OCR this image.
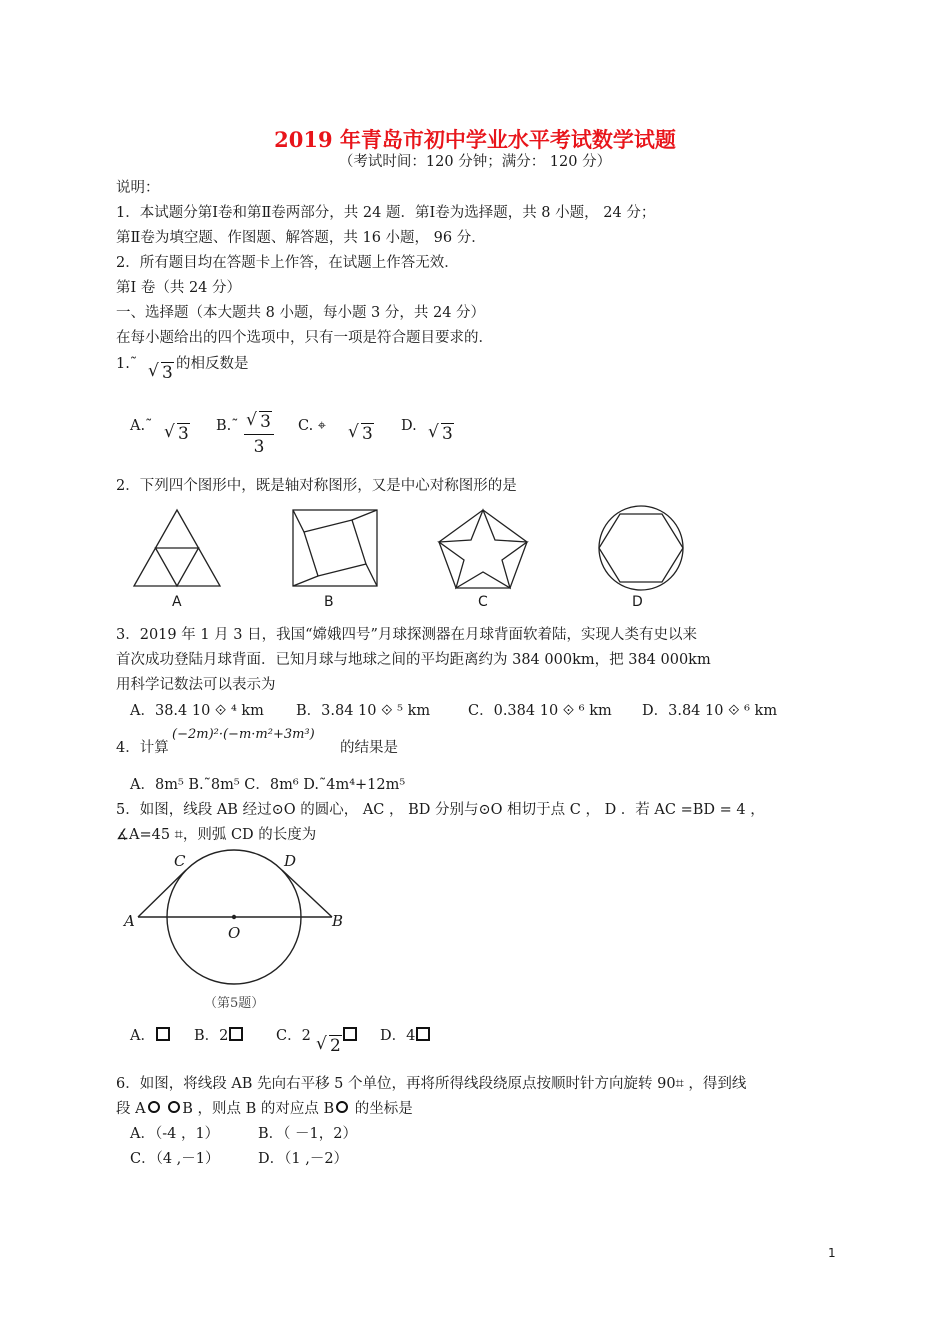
2019 年青岛市初中学业水平考试数学试题
（考试时间：120 分钟；满分： 120 分）
说明：
1．本试题分第Ⅰ卷和第Ⅱ卷两部分，共 24 题．第Ⅰ卷为选择题，共 8 小题， 24 分；
第Ⅱ卷为填空题、作图题、解答题，共 16 小题， 96 分．
2．所有题目均在答题卡上作答，在试题上作答无效．
第Ⅰ 卷（共 24 分）
一、选择题（本大题共 8 小题，每小题 3 分，共 24 分）
在每小题给出的四个选项中，只有一项是符合题目要求的．
1.˜ √ 3 的相反数是
A.˜ √ 3 B.˜ √ 3
3
C. ⌖ √ 3 D. √ 3
2．下列四个图形中，既是轴对称图形，又是中心对称图形的是
A	B	C	D
3．2019 年 1 月 3 日，我国“嫦娥四号”月球探测器在月球背面软着陆，实现人类有史以来
首次成功登陆月球背面．已知月球与地球之间的平均距离约为 384 000km，把 384 000km
用科学记数法可以表示为
A．38.4 10 ⟐ ⁴ km B．3.84 10 ⟐ ⁵ km	C．0.384 10 ⟐ ⁶ km D．3.84 10 ⟐ ⁶ km
4．计算
(−2m)²·(−m·m²+3m³)
的结果是
A．8m⁵ B.˜8m⁵ C．8m⁶ D.˜4m⁴+12m⁵
5．如图，线段 AB 经过⊙O 的圆心， AC ， BD 分别与⊙O 相切于点 C ， D ．若 AC =BD = 4 ，
∡A=45 ⌗，则弧 CD 的长度为
A	B
C	D
O
（第5题）
A．	B．2	C．2 √ 2	D．4
6．如图，将线段 AB 先向右平移 5 个单位，再将所得线段绕原点按顺时针方向旋转 90⌗ ，得到线
段 A	B ，则点 B 的对应点 B 的坐标是
A．（-4 ，1）	B．（ －1，2）
C．（4 ,－1）	D．（1 ,－2）
1
